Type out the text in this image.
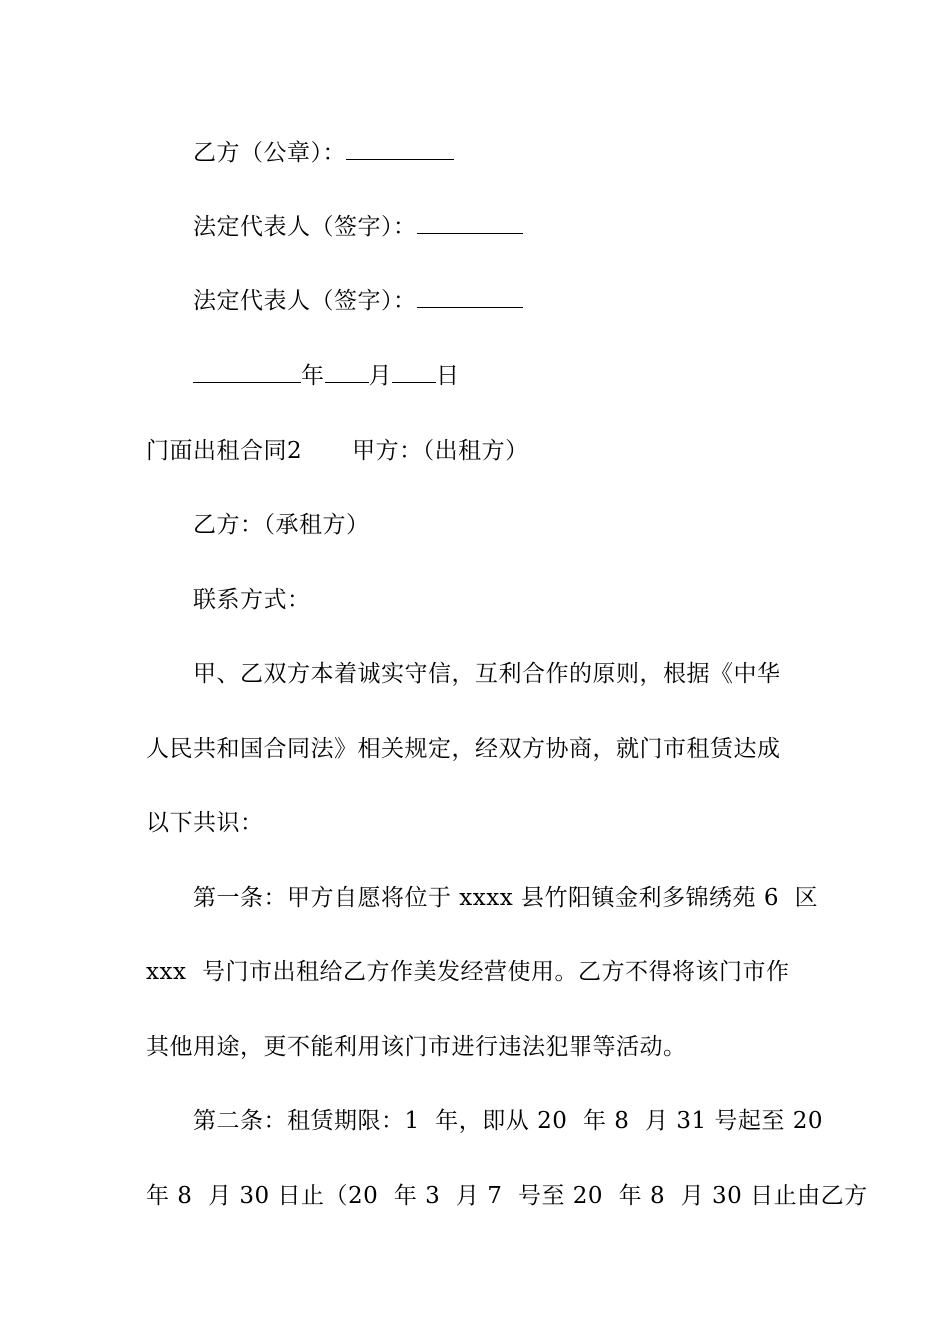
乙方（公章）：
法定代表人（签字）：
法定代表人（签字）：
年 月 日
门面出租合同2 甲方：（出租方）
乙方：（承租方）
联系方式：
甲、乙双方本着诚实守信，互利合作的原则，根据《中华
人民共和国合同法》相关规定，经双方协商，就门市租赁达成
以下共识：
第一条：甲方自愿将位于 xxxx 县竹阳镇金利多锦绣苑 6  区
xxx  号门市出租给乙方作美发经营使用。乙方不得将该门市作
其他用途，更不能利用该门市进行违法犯罪等活动。
第二条：租赁期限：1  年，即从 20  年 8  月 31 号起至 20
年 8  月 30 日止（20  年 3  月 7  号至 20  年 8  月 30 日止由乙方
